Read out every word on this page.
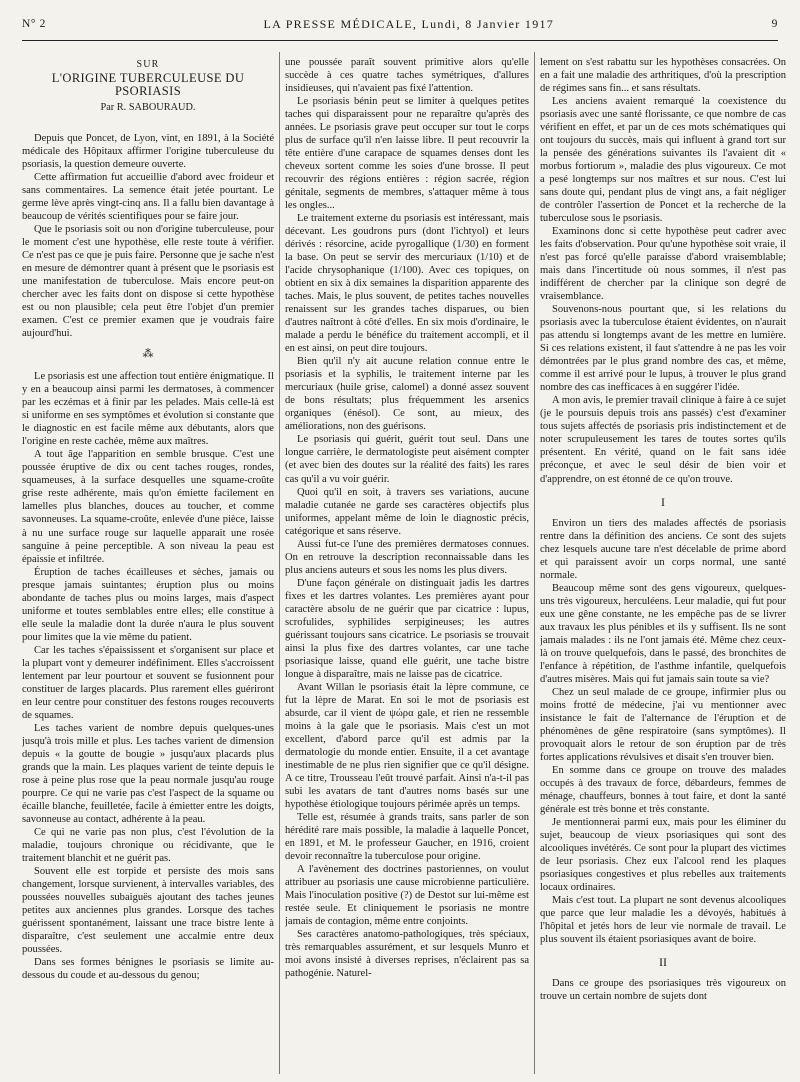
N° 2	LA PRESSE MÉDICALE, Lundi, 8 Janvier 1917	9
SUR
L'ORIGINE TUBERCULEUSE DU PSORIASIS
Par R. SABOURAUD.

Depuis que Poncet, de Lyon, vint, en 1891, à la Société médicale des Hôpitaux affirmer l'origine tuberculeuse du psoriasis, la question demeure ouverte.

Cette affirmation fut accueillie d'abord avec froideur et sans commentaires. La semence était jetée pourtant. Le germe lève après vingt-cinq ans. Il a fallu bien davantage à beaucoup de vérités scientifiques pour se faire jour.

Que le psoriasis soit ou non d'origine tuberculeuse, pour le moment c'est une hypothèse, elle reste toute à vérifier. Ce n'est pas ce que je puis faire. Personne que je sache n'est en mesure de démontrer quant à présent que le psoriasis est une manifestation de tuberculose. Mais encore peut-on chercher avec les faits dont on dispose si cette hypothèse est ou non plausible; cela peut être l'objet d'un premier examen. C'est ce premier examen que je voudrais faire aujourd'hui.

⁂

Le psoriasis est une affection tout entière énigmatique. Il y en a beaucoup ainsi parmi les dermatoses, à commencer par les eczémas et à finir par les pelades. Mais celle-là est si uniforme en ses symptômes et évolution si constante que le diagnostic en est facile même aux débutants, alors que l'origine en reste cachée, même aux maîtres.

A tout âge l'apparition en semble brusque. C'est une poussée éruptive de dix ou cent taches rouges, rondes, squameuses, à la surface desquelles une squame-croûte grise reste adhérente, mais qu'on émiette facilement en lamelles plus blanches, douces au toucher, et comme savonneuses. La squame-croûte, enlevée d'une pièce, laisse à nu une surface rouge sur laquelle apparait une rosée sanguine à peine perceptible. A son niveau la peau est épaissie et infiltrée.

Éruption de taches écailleuses et sèches, jamais ou presque jamais suintantes; éruption plus ou moins abondante de taches plus ou moins larges, mais d'aspect uniforme et toutes semblables entre elles; elle constitue à elle seule la maladie dont la durée n'aura le plus souvent pour limites que la vie même du patient.

Car les taches s'épaississent et s'organisent sur place et la plupart vont y demeurer indéfiniment. Elles s'accroissent lentement par leur pourtour et souvent se fusionnent pour constituer de larges placards. Plus rarement elles guériront en leur centre pour constituer des festons rouges recouverts de squames.

Les taches varient de nombre depuis quelques-unes jusqu'à trois mille et plus. Les taches varient de dimension depuis « la goutte de bougie » jusqu'aux placards plus grands que la main. Les plaques varient de teinte depuis le rose à peine plus rose que la peau normale jusqu'au rouge pourpre. Ce qui ne varie pas c'est l'aspect de la squame ou écaille blanche, feuilletée, facile à émietter entre les doigts, savonneuse au contact, adhérente à la peau.

Ce qui ne varie pas non plus, c'est l'évolution de la maladie, toujours chronique ou récidivante, que le traitement blanchit et ne guérit pas.

Souvent elle est torpide et persiste des mois sans changement, lorsque survienent, à intervalles variables, des poussées nouvelles subaiguës ajoutant des taches jeunes petites aux anciennes plus grandes. Lorsque des taches guérissent spontanément, laissant une trace bistre lente à disparaître, c'est seulement une accalmie entre deux poussées.

Dans ses formes bénignes le psoriasis se limite au-dessous du coude et au-dessous du genou;

une poussée paraît souvent primitive alors qu'elle succède à ces quatre taches symétriques, d'allures insidieuses, qui n'avaient pas fixé l'attention.

Le psoriasis bénin peut se limiter à quelques petites taches qui disparaissent pour ne reparaître qu'après des années. Le psoriasis grave peut occuper sur tout le corps plus de surface qu'il n'en laisse libre. Il peut recouvrir la tête entière d'une carapace de squames denses dont les cheveux sortent comme les soies d'une brosse. Il peut recouvrir des régions entières : région sacrée, région génitale, segments de membres, s'attaquer même à tous les ongles...

Le traitement externe du psoriasis est intéressant, mais décevant. Les goudrons purs (dont l'ichtyol) et leurs dérivés : résorcine, acide pyrogallique (1/30) en forment la base. On peut se servir des mercuriaux (1/10) et de l'acide chrysophanique (1/100). Avec ces topiques, on obtient en six à dix semaines la disparition apparente des taches. Mais, le plus souvent, de petites taches nouvelles renaissent sur les grandes taches disparues, ou bien d'autres naîtront à côté d'elles. En six mois d'ordinaire, le malade a perdu le bénéfice du traitement accompli, et il en est ainsi, on peut dire toujours.

Bien qu'il n'y ait aucune relation connue entre le psoriasis et la syphilis, le traitement interne par les mercuriaux (huile grise, calomel) a donné assez souvent de bons résultats; plus fréquemment les arsenics organiques (énésol). Ce sont, au mieux, des améliorations, non des guérisons.

Le psoriasis qui guérit, guérit tout seul. Dans une longue carrière, le dermatologiste peut aisément compter (et avec bien des doutes sur la réalité des faits) les rares cas qu'il a vu voir guérir.

Quoi qu'il en soit, à travers ses variations, aucune maladie cutanée ne garde ses caractères objectifs plus uniformes, appelant même de loin le diagnostic précis, catégorique et sans réserve.

Aussi fut-ce l'une des premières dermatoses connues. On en retrouve la description reconnaissable dans les plus anciens auteurs et sous les noms les plus divers.

D'une façon générale on distinguait jadis les dartres fixes et les dartres volantes. Les premières ayant pour caractère absolu de ne guérir que par cicatrice : lupus, scrofulides, syphilides serpigineuses; les autres guérissant toujours sans cicatrice. Le psoriasis se trouvait ainsi la plus fixe des dartres volantes, car une tache psoriasique laisse, quand elle guérit, une tache bistre longue à disparaître, mais ne laisse pas de cicatrice.

Avant Willan le psoriasis était la lèpre commune, ce fut la lèpre de Marat. En soi le mot de psoriasis est absurde, car il vient de ψώρα gale, et rien ne ressemble moins à la gale que le psoriasis. Mais c'est un mot excellent, d'abord parce qu'il est admis par la dermatologie du monde entier. Ensuite, il a cet avantage inestimable de ne plus rien signifier que ce qu'il désigne. A ce titre, Trousseau l'eût trouvé parfait. Ainsi n'a-t-il pas subi les avatars de tant d'autres noms basés sur une hypothèse étiologique toujours périmée après un temps.

Telle est, résumée à grands traits, sans parler de son hérédité rare mais possible, la maladie à laquelle Poncet, en 1891, et M. le professeur Gaucher, en 1916, croient devoir reconnaître la tuberculose pour origine.

A l'avènement des doctrines pastoriennes, on voulut attribuer au psoriasis une cause microbienne particulière. Mais l'inoculation positive (?) de Destot sur lui-même est restée seule. Et cliniquement le psoriasis ne montre jamais de contagion, même entre conjoints.

Ses caractères anatomo-pathologiques, très spéciaux, très remarquables assurément, et sur lesquels Munro et moi avons insisté à diverses reprises, n'éclairent pas sa pathogénie. Naturel-

lement on s'est rabattu sur les hypothèses consacrées. On en a fait une maladie des arthritiques, d'où la prescription de régimes sans fin... et sans résultats.

Les anciens avaient remarqué la coexistence du psoriasis avec une santé florissante, ce que nombre de cas vérifient en effet, et par un de ces mots schématiques qui ont toujours du succès, mais qui influent à grand tort sur la pensée des générations suivantes ils l'avaient dit « morbus fortiorum », maladie des plus vigoureux. Ce mot a pesé longtemps sur nos maîtres et sur nous. C'est lui sans doute qui, pendant plus de vingt ans, a fait négliger de contrôler l'assertion de Poncet et la recherche de la tuberculose sous le psoriasis.

Examinons donc si cette hypothèse peut cadrer avec les faits d'observation. Pour qu'une hypothèse soit vraie, il n'est pas forcé qu'elle paraisse d'abord vraisemblable; mais dans l'incertitude où nous sommes, il n'est pas indifférent de chercher par la clinique son degré de vraisemblance.

Souvenons-nous pourtant que, si les relations du psoriasis avec la tuberculose étaient évidentes, on n'aurait pas attendu si longtemps avant de les mettre en lumière. Si ces relations existent, il faut s'attendre à ne pas les voir démontrées par le plus grand nombre des cas, et même, comme il est arrivé pour le lupus, à trouver le plus grand nombre des cas inefficaces à en suggérer l'idée.

A mon avis, le premier travail clinique à faire à ce sujet (je le poursuis depuis trois ans passés) c'est d'examiner tous sujets affectés de psoriasis pris indistinctement et de noter scrupuleusement les tares de toutes sortes qu'ils présentent. En vérité, quand on le fait sans idée préconçue, et avec le seul désir de bien voir et d'apprendre, on est étonné de ce qu'on trouve.

I

Environ un tiers des malades affectés de psoriasis rentre dans la définition des anciens. Ce sont des sujets chez lesquels aucune tare n'est décelable de prime abord et qui paraissent avoir un corps normal, une santé normale.

Beaucoup même sont des gens vigoureux, quelques-uns très vigoureux, herculéens. Leur maladie, qui fut pour eux une gêne constante, ne les empêche pas de se livrer aux travaux les plus pénibles et ils y suffisent. Ils ne sont jamais malades : ils ne l'ont jamais été. Même chez ceux-là on trouve quelquefois, dans le passé, des bronchites de l'enfance à répétition, de l'asthme infantile, quelquefois d'autres misères. Mais qui fut jamais sain toute sa vie?

Chez un seul malade de ce groupe, infirmier plus ou moins frotté de médecine, j'ai vu mentionner avec insistance le fait de l'alternance de l'éruption et de phénomènes de gêne respiratoire (sans symptômes). Il provoquait alors le retour de son éruption par de très fortes applications révulsives et disait s'en trouver bien.

En somme dans ce groupe on trouve des malades occupés à des travaux de force, débardeurs, femmes de ménage, chauffeurs, bonnes à tout faire, et dont la santé générale est très bonne et très constante.

Je mentionnerai parmi eux, mais pour les éliminer du sujet, beaucoup de vieux psoriasiques qui sont des alcooliques invétérés. Ce sont pour la plupart des victimes de leur psoriasis. Chez eux l'alcool rend les plaques psoriasiques congestives et plus rebelles aux traitements locaux ordinaires.

Mais c'est tout. La plupart ne sont devenus alcooliques que parce que leur maladie les a dévoyés, habitués à l'hôpital et jetés hors de leur vie normale de travail. Le plus souvent ils étaient psoriasiques avant de boire.

II

Dans ce groupe des psoriasiques très vigoureux on trouve un certain nombre de sujets dont
